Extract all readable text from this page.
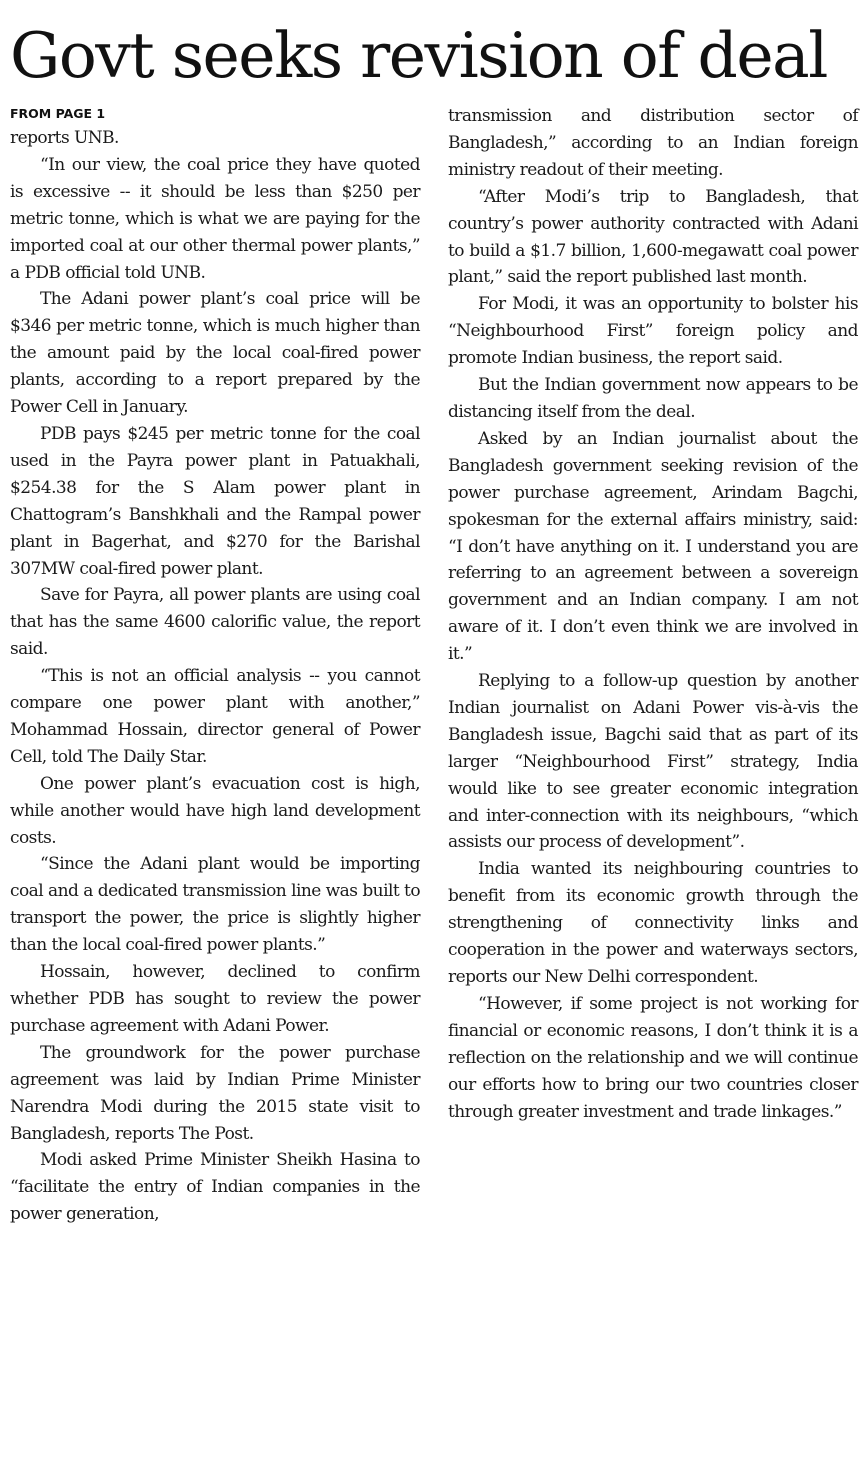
Govt seeks revision of deal
FROM PAGE 1

reports UNB.

“In our view, the coal price they have quoted is excessive -- it should be less than $250 per metric tonne, which is what we are paying for the imported coal at our other thermal power plants,” a PDB official told UNB.

The Adani power plant’s coal price will be $346 per metric tonne, which is much higher than the amount paid by the local coal-fired power plants, according to a report prepared by the Power Cell in January.

PDB pays $245 per metric tonne for the coal used in the Payra power plant in Patuakhali, $254.38 for the S Alam power plant in Chattogram’s Banshkhali and the Rampal power plant in Bagerhat, and $270 for the Barishal 307MW coal-fired power plant.

Save for Payra, all power plants are using coal that has the same 4600 calorific value, the report said.

“This is not an official analysis -- you cannot compare one power plant with another,” Mohammad Hossain, director general of Power Cell, told The Daily Star.

One power plant’s evacuation cost is high, while another would have high land development costs.

“Since the Adani plant would be importing coal and a dedicated transmission line was built to transport the power, the price is slightly higher than the local coal-fired power plants.”

Hossain, however, declined to confirm whether PDB has sought to review the power purchase agreement with Adani Power.

The groundwork for the power purchase agreement was laid by Indian Prime Minister Narendra Modi during the 2015 state visit to Bangladesh, reports The Post.

Modi asked Prime Minister Sheikh Hasina to “facilitate the entry of Indian companies in the power generation,

transmission and distribution sector of Bangladesh,” according to an Indian foreign ministry readout of their meeting.

“After Modi’s trip to Bangladesh, that country’s power authority contracted with Adani to build a $1.7 billion, 1,600-megawatt coal power plant,” said the report published last month.

For Modi, it was an opportunity to bolster his “Neighbourhood First” foreign policy and promote Indian business, the report said.

But the Indian government now appears to be distancing itself from the deal.

Asked by an Indian journalist about the Bangladesh government seeking revision of the power purchase agreement, Arindam Bagchi, spokesman for the external affairs ministry, said: “I don’t have anything on it. I understand you are referring to an agreement between a sovereign government and an Indian company. I am not aware of it. I don’t even think we are involved in it.”

Replying to a follow-up question by another Indian journalist on Adani Power vis-à-vis the Bangladesh issue, Bagchi said that as part of its larger “Neighbourhood First” strategy, India would like to see greater economic integration and inter-connection with its neighbours, “which assists our process of development”.

India wanted its neighbouring countries to benefit from its economic growth through the strengthening of connectivity links and cooperation in the power and waterways sectors, reports our New Delhi correspondent.

“However, if some project is not working for financial or economic reasons, I don’t think it is a reflection on the relationship and we will continue our efforts how to bring our two countries closer through greater investment and trade linkages.”
